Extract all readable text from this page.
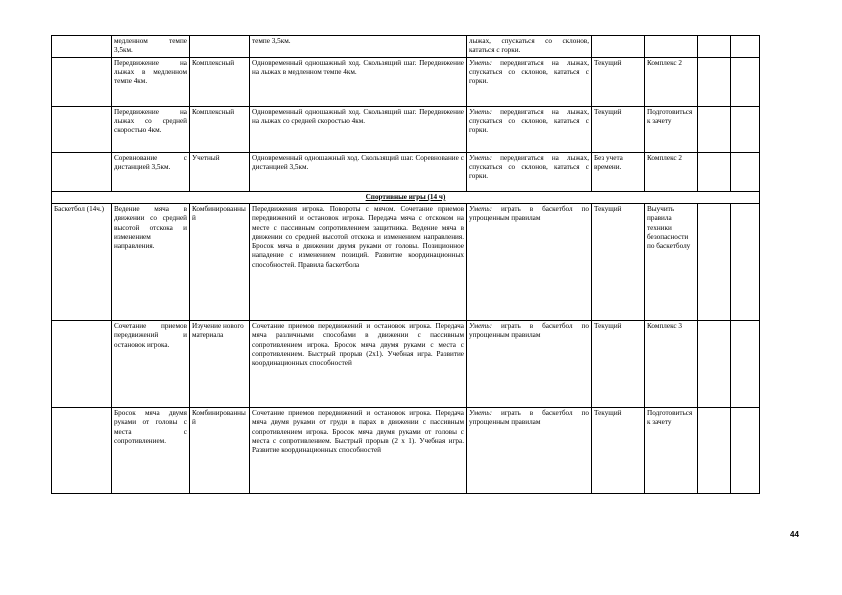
	медленном темпе 3,5км.		темпе 3,5км.	лыжах, спускаться со склонов, кататься с горки.				
	Передвижение на лыжах в медленном темпе 4км.	Комплексный	Одновременный одношажный ход. Скользящий шаг. Передвижение на лыжах в медленном темпе 4км.	Уметь: передвигаться на лыжах, спускаться со склонов, кататься с горки.	Текущий	Комплекс 2		
	Передвижение на лыжах со средней скоростью 4км.	Комплексный	Одновременный одношажный ход. Скользящий шаг. Передвижение на лыжах со средней скоростью 4км.	Уметь: передвигаться на лыжах, спускаться со склонов, кататься с горки.	Текущий	Подготовиться к зачету		
	Соревнование с дистанцией 3,5км.	Учетный	Одновременный одношажный ход. Скользящий шаг. Соревнование с дистанцией 3,5км.	Уметь: передвигаться на лыжах, спускаться со склонов, кататься с горки.	Без учета времени.	Комплекс 2		
Спортивные игры (14 ч)								
Баскетбол (14ч.)	Ведение мяча в движении со средней высотой отскока и изменением направления.	Комбинированный	Передвижения игрока. Повороты с мячом. Сочетание приемов передвижений и остановок игрока. Передача мяча с отскоком на месте с пассивным сопротивлением защитника. Ведение мяча в движении со средней высотой отскока и изменением направления. Бросок мяча в движении двумя руками от головы. Позиционное нападение с изменением позиций. Развитие координационных способностей. Правила баскетбола	Уметь: играть в баскетбол по упрощенным правилам	Текущий	Выучить правила техники безопасности по баскетболу		
	Сочетание приемов передвижений и остановок игрока.	Изучение нового материала	Сочетание приемов передвижений и остановок игрока. Передача мяча различными способами в движении с пассивным сопротивлением игрока. Бросок мяча двумя руками с места с сопротивлением. Быстрый прорыв (2х1). Учебная игра. Развитие координационных способностей	Уметь: играть в баскетбол по упрощенным правилам	Текущий	Комплекс 3		
	Бросок мяча двумя руками от головы с места с сопротивлением.	Комбинированный	Сочетание приемов передвижений и остановок игрока. Передача мяча двумя руками от груди в парах в движении с пассивным сопротивлением игрока. Бросок мяча двумя руками от головы с места с сопротивлением. Быстрый прорыв (2 х 1). Учебная игра. Развитие координационных способностей	Уметь: играть в баскетбол по упрощенным правилам	Текущий	Подготовиться к зачету		
44
